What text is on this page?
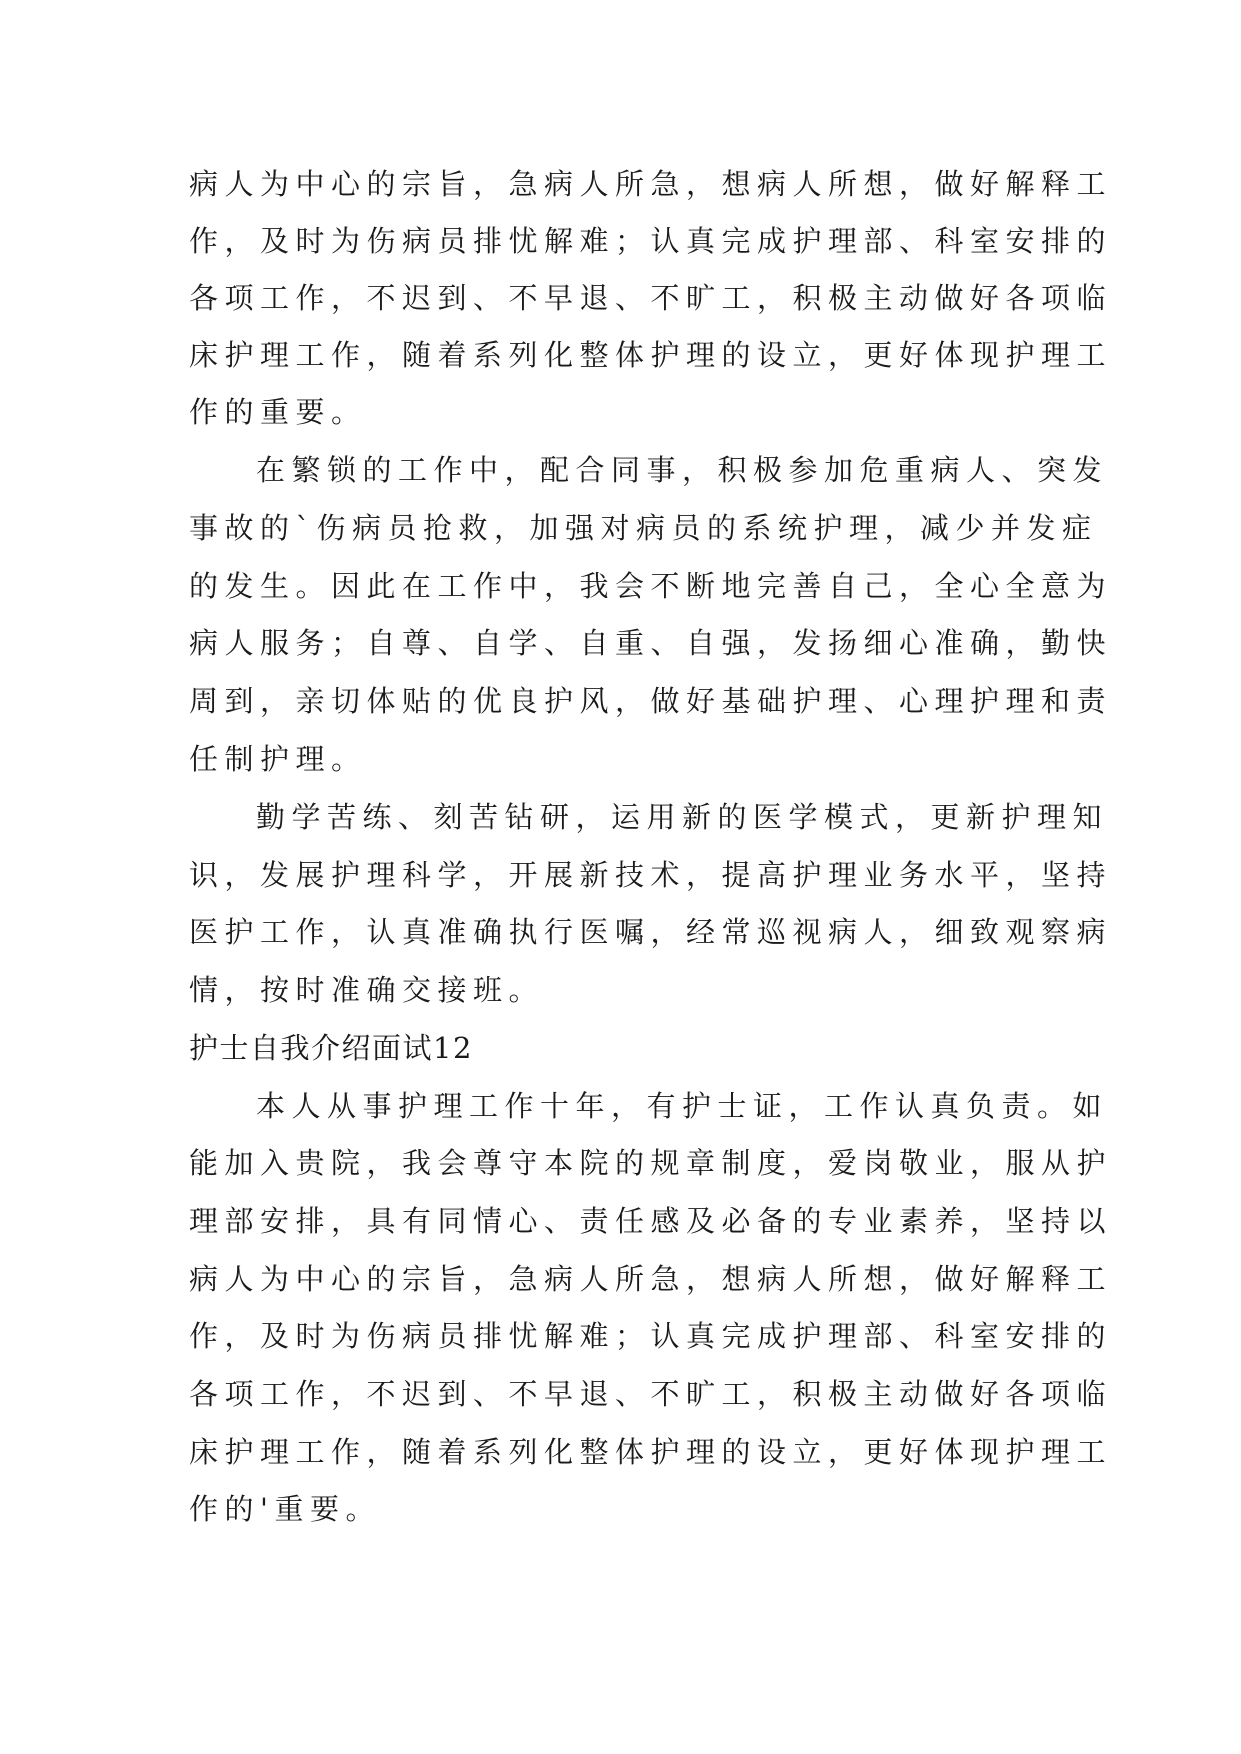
病人为中心的宗旨，急病人所急，想病人所想，做好解释工
作，及时为伤病员排忧解难；认真完成护理部、科室安排的
各项工作，不迟到、不早退、不旷工，积极主动做好各项临
床护理工作，随着系列化整体护理的设立，更好体现护理工
作的重要。
在繁锁的工作中，配合同事，积极参加危重病人、突发
事故的`伤病员抢救，加强对病员的系统护理，减少并发症
的发生。因此在工作中，我会不断地完善自己，全心全意为
病人服务；自尊、自学、自重、自强，发扬细心准确，勤快
周到，亲切体贴的优良护风，做好基础护理、心理护理和责
任制护理。
勤学苦练、刻苦钻研，运用新的医学模式，更新护理知
识，发展护理科学，开展新技术，提高护理业务水平，坚持
医护工作，认真准确执行医嘱，经常巡视病人，细致观察病
情，按时准确交接班。
护士自我介绍面试12
本人从事护理工作十年，有护士证，工作认真负责。如
能加入贵院，我会尊守本院的规章制度，爱岗敬业，服从护
理部安排，具有同情心、责任感及必备的专业素养，坚持以
病人为中心的宗旨，急病人所急，想病人所想，做好解释工
作，及时为伤病员排忧解难；认真完成护理部、科室安排的
各项工作，不迟到、不早退、不旷工，积极主动做好各项临
床护理工作，随着系列化整体护理的设立，更好体现护理工
作的'重要。
